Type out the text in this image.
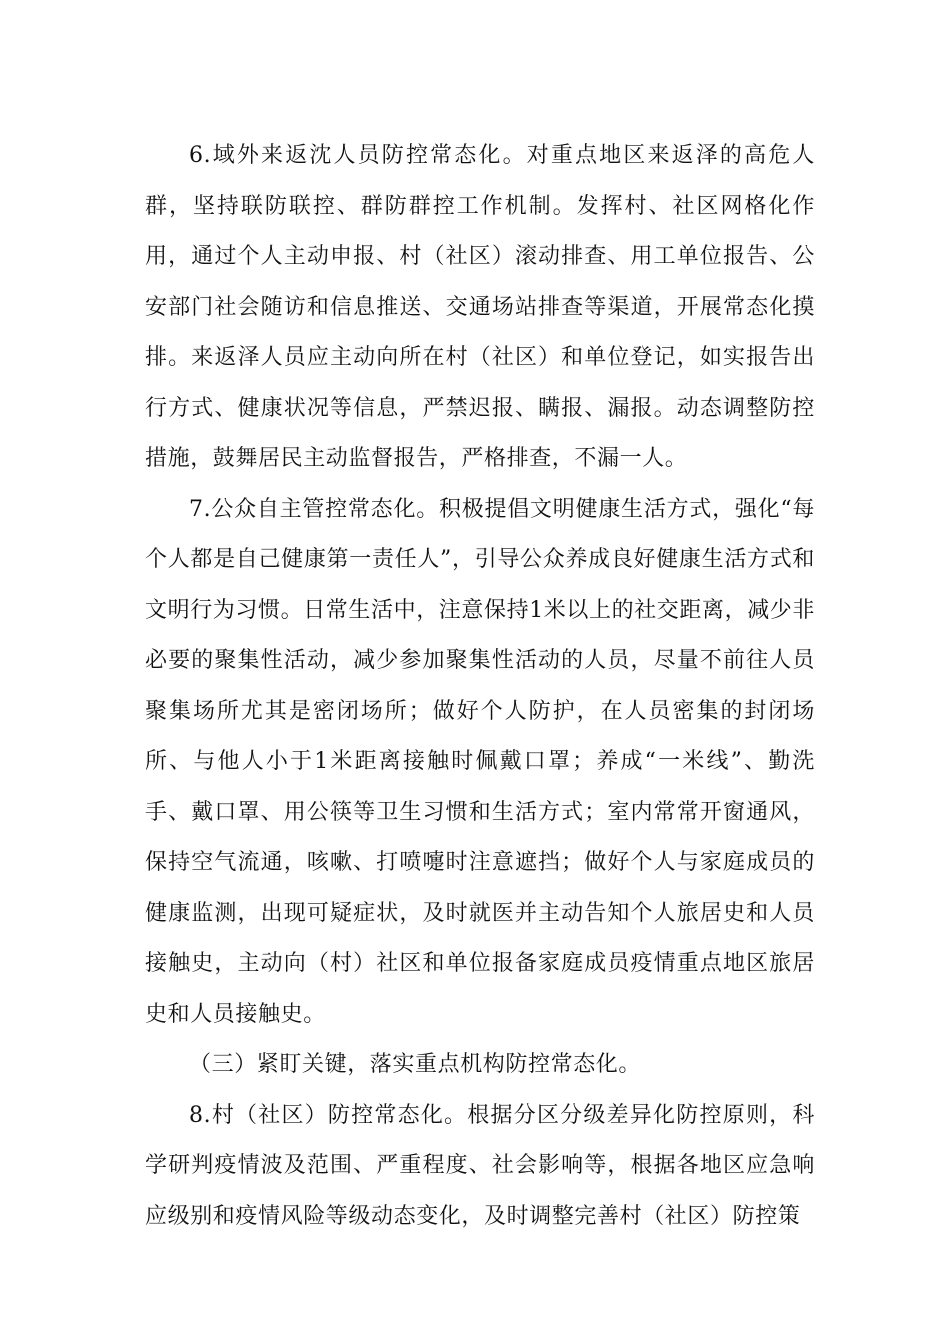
6.域外来返沈人员防控常态化。对重点地区来返泽的高危人群，坚持联防联控、群防群控工作机制。发挥村、社区网格化作用，通过个人主动申报、村（社区）滚动排查、用工单位报告、公安部门社会随访和信息推送、交通场站排查等渠道，开展常态化摸排。来返泽人员应主动向所在村（社区）和单位登记，如实报告出行方式、健康状况等信息，严禁迟报、瞒报、漏报。动态调整防控措施，鼓舞居民主动监督报告，严格排查，不漏一人。

7.公众自主管控常态化。积极提倡文明健康生活方式，强化“每个人都是自己健康第一责任人”，引导公众养成良好健康生活方式和文明行为习惯。日常生活中，注意保持1米以上的社交距离，减少非必要的聚集性活动，减少参加聚集性活动的人员，尽量不前往人员聚集场所尤其是密闭场所；做好个人防护，在人员密集的封闭场所、与他人小于1米距离接触时佩戴口罩；养成“一米线”、勤洗手、戴口罩、用公筷等卫生习惯和生活方式；室内常常开窗通风，保持空气流通，咳嗽、打喷嚏时注意遮挡；做好个人与家庭成员的健康监测，出现可疑症状，及时就医并主动告知个人旅居史和人员接触史，主动向（村）社区和单位报备家庭成员疫情重点地区旅居史和人员接触史。

（三）紧盯关键，落实重点机构防控常态化。

8.村（社区）防控常态化。根据分区分级差异化防控原则，科学研判疫情波及范围、严重程度、社会影响等，根据各地区应急响应级别和疫情风险等级动态变化，及时调整完善村（社区）防控策
